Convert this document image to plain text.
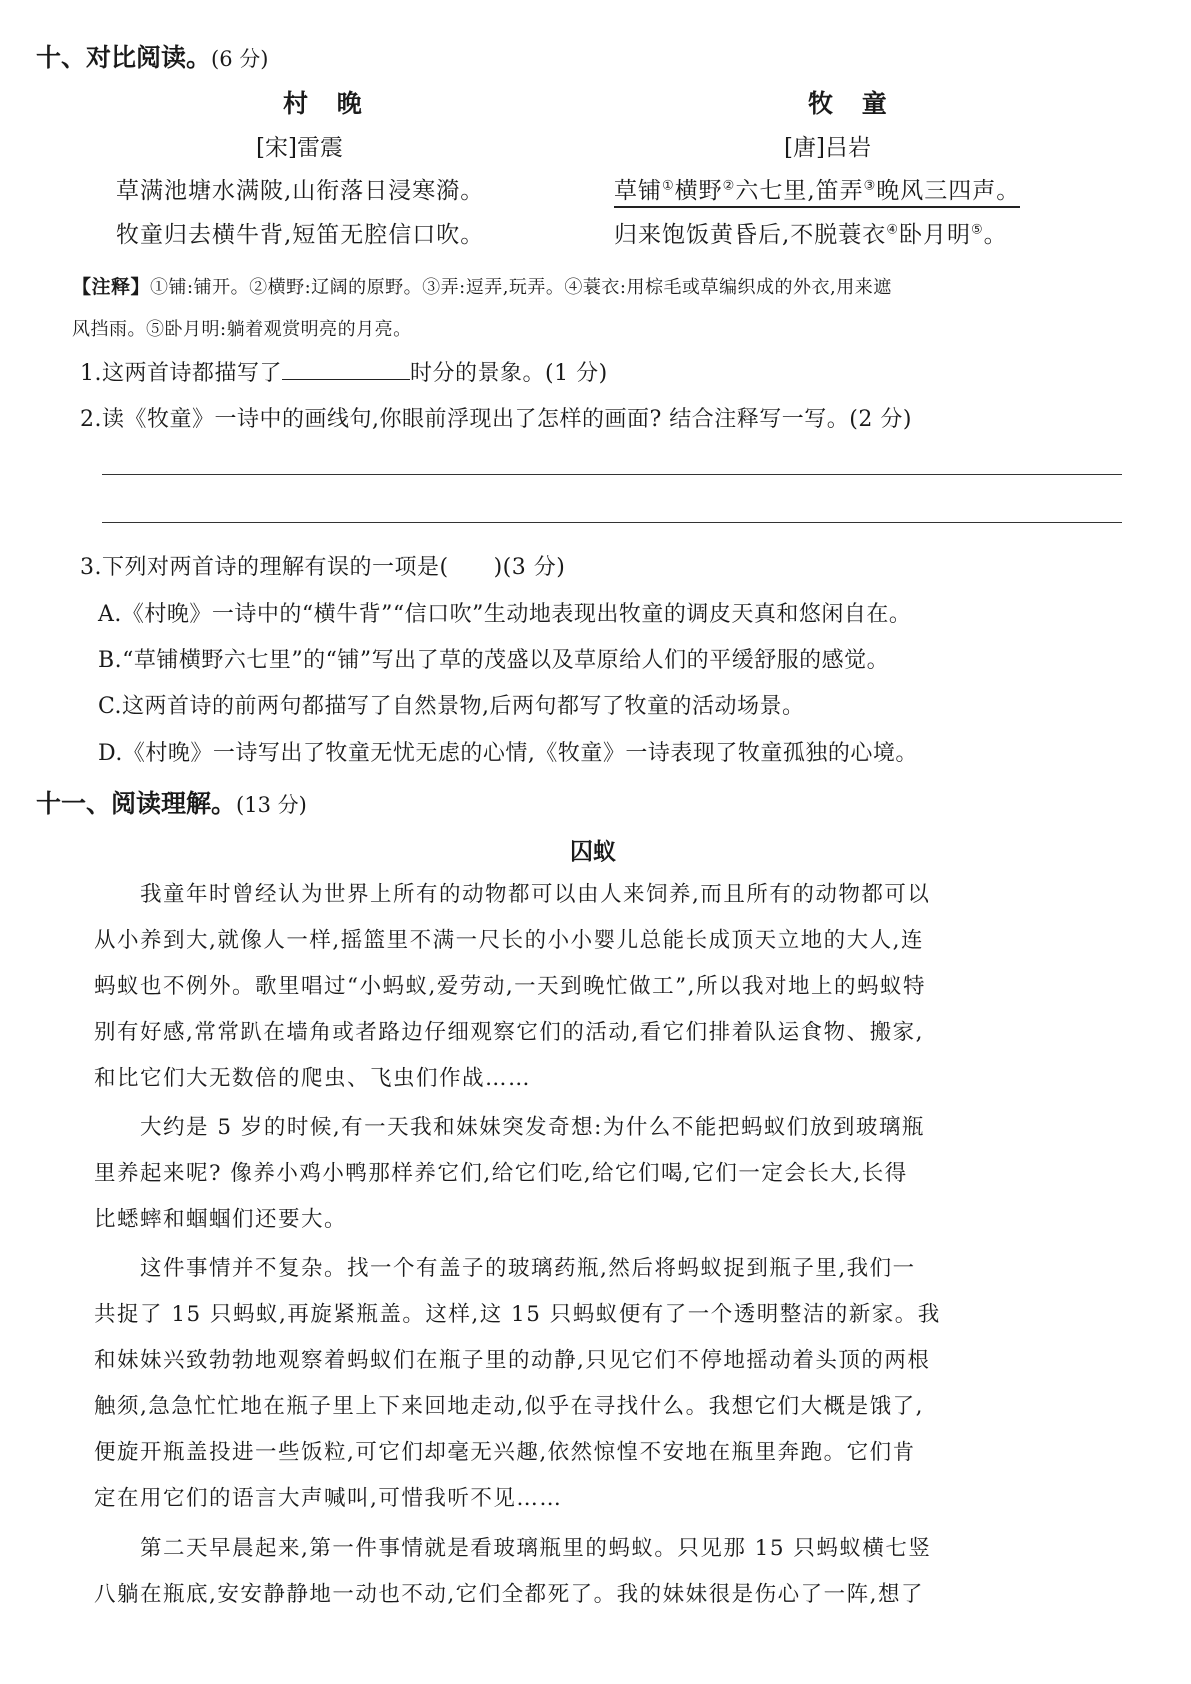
十、对比阅读。(6 分)
村 晚
[宋]雷震
草满池塘水满陂,山衔落日浸寒漪。
牧童归去横牛背,短笛无腔信口吹。
牧 童
[唐]吕岩
草铺①横野②六七里,笛弄③晚风三四声。
归来饱饭黄昏后,不脱蓑衣④卧月明⑤。
【注释】①铺:铺开。②横野:辽阔的原野。③弄:逗弄,玩弄。④蓑衣:用棕毛或草编织成的外衣,用来遮
风挡雨。⑤卧月明:躺着观赏明亮的月亮。
1.这两首诗都描写了	时分的景象。(1 分)
2.读《牧童》一诗中的画线句,你眼前浮现出了怎样的画面? 结合注释写一写。(2 分)
3.下列对两首诗的理解有误的一项是(　　)(3 分)
A.《村晚》一诗中的“横牛背”“信口吹”生动地表现出牧童的调皮天真和悠闲自在。
B.“草铺横野六七里”的“铺”写出了草的茂盛以及草原给人们的平缓舒服的感觉。
C.这两首诗的前两句都描写了自然景物,后两句都写了牧童的活动场景。
D.《村晚》一诗写出了牧童无忧无虑的心情,《牧童》一诗表现了牧童孤独的心境。
十一、阅读理解。(13 分)
囚蚁
　　我童年时曾经认为世界上所有的动物都可以由人来饲养,而且所有的动物都可以
从小养到大,就像人一样,摇篮里不满一尺长的小小婴儿总能长成顶天立地的大人,连
蚂蚁也不例外。歌里唱过“小蚂蚁,爱劳动,一天到晚忙做工”,所以我对地上的蚂蚁特
别有好感,常常趴在墙角或者路边仔细观察它们的活动,看它们排着队运食物、搬家,
和比它们大无数倍的爬虫、飞虫们作战……
　　大约是 5 岁的时候,有一天我和妹妹突发奇想:为什么不能把蚂蚁们放到玻璃瓶
里养起来呢? 像养小鸡小鸭那样养它们,给它们吃,给它们喝,它们一定会长大,长得
比蟋蟀和蝈蝈们还要大。
　　这件事情并不复杂。找一个有盖子的玻璃药瓶,然后将蚂蚁捉到瓶子里,我们一
共捉了 15 只蚂蚁,再旋紧瓶盖。这样,这 15 只蚂蚁便有了一个透明整洁的新家。我
和妹妹兴致勃勃地观察着蚂蚁们在瓶子里的动静,只见它们不停地摇动着头顶的两根
触须,急急忙忙地在瓶子里上下来回地走动,似乎在寻找什么。我想它们大概是饿了,
便旋开瓶盖投进一些饭粒,可它们却毫无兴趣,依然惊惶不安地在瓶里奔跑。它们肯
定在用它们的语言大声喊叫,可惜我听不见……
　　第二天早晨起来,第一件事情就是看玻璃瓶里的蚂蚁。只见那 15 只蚂蚁横七竖
八躺在瓶底,安安静静地一动也不动,它们全都死了。我的妹妹很是伤心了一阵,想了
